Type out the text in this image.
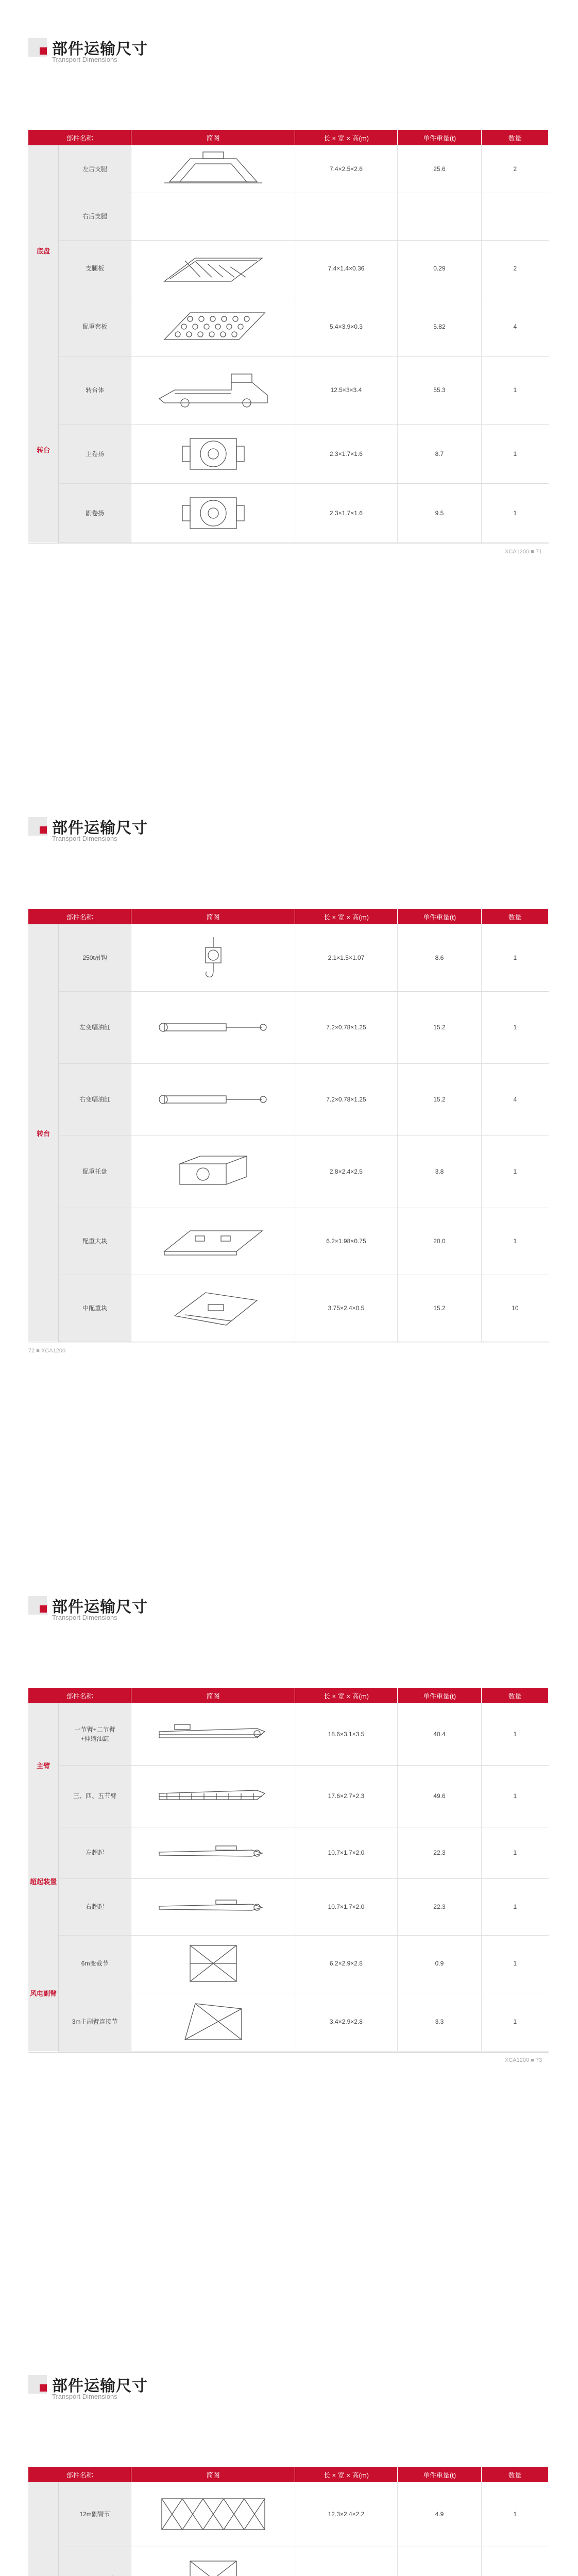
部件运输尺寸
Transport Dimensions
部件名称		简图	长 × 宽 × 高(m)	单件重量(t)	数量
底盘	左后支腿		7.4×2.5×2.6	25.6	2
	右后支腿				
	支腿板		7.4×1.4×0.36	0.29	2
	配重套板		5.4×3.9×0.3	5.82	4
转台	转台体		12.5×3×3.4	55.3	1
	主卷扬		2.3×1.7×1.6	8.7	1
	副卷扬		2.3×1.7×1.6	9.5	1
XCA1200 ■ 71
部件运输尺寸
Transport Dimensions
部件名称		简图	长 × 宽 × 高(m)	单件重量(t)	数量
转台	250t吊钩		2.1×1.5×1.07	8.6	1
	左变幅油缸		7.2×0.78×1.25	15.2	1
	右变幅油缸		7.2×0.78×1.25	15.2	4
	配重托盘		2.8×2.4×2.5	3.8	1
	配重大块		6.2×1.98×0.75	20.0	1
	中配重块		3.75×2.4×0.5	15.2	10
72 ■ XCA1200
部件运输尺寸
Transport Dimensions
部件名称		简图	长 × 宽 × 高(m)	单件重量(t)	数量
主臂	一节臂+二节臂
+伸缩油缸		18.6×3.1×3.5	40.4	1
	三、四、五节臂		17.6×2.7×2.3	49.6	1
超起装置	左超起		10.7×1.7×2.0	22.3	1
	右超起		10.7×1.7×2.0	22.3	1
风电副臂	6m变截节		6.2×2.9×2.8	0.9	1
	3m主副臂连接节		3.4×2.9×2.8	3.3	1
XCA1200 ■ 73
部件运输尺寸
Transport Dimensions
部件名称		简图	长 × 宽 × 高(m)	单件重量(t)	数量
	12m副臂节		12.3×2.4×2.2	4.9	1
